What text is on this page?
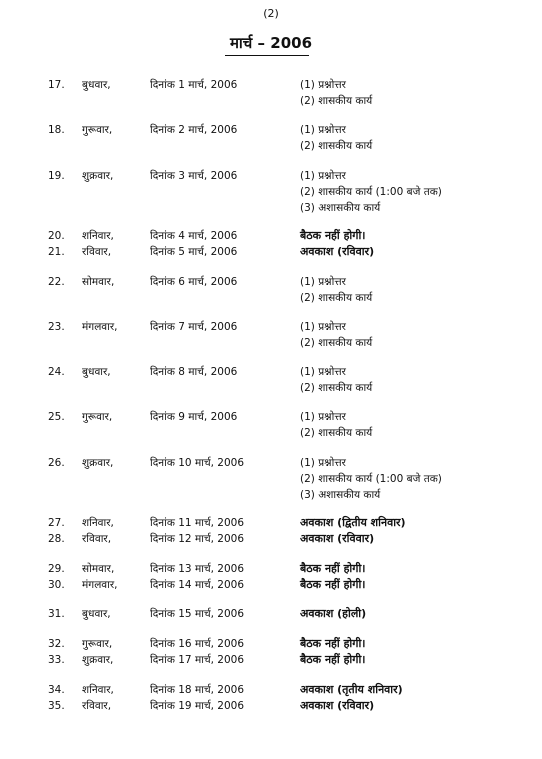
(2)
मार्च – 2006
17. बुधवार,	दिनांक 1 मार्च, 2006	(1) प्रश्नोत्तर
(2) शासकीय कार्य
18. गुरूवार,	दिनांक 2 मार्च, 2006	(1) प्रश्नोत्तर
(2) शासकीय कार्य
19. शुक्रवार,	दिनांक 3 मार्च, 2006	(1) प्रश्नोत्तर
(2) शासकीय कार्य (1:00 बजे तक)
(3) अशासकीय कार्य
20. शनिवार,	दिनांक 4 मार्च, 2006	बैठक नहीं होगी।
21. रविवार,	दिनांक 5 मार्च, 2006	अवकाश (रविवार)
22. सोमवार,	दिनांक 6 मार्च, 2006	(1) प्रश्नोत्तर
(2) शासकीय कार्य
23. मंगलवार,	दिनांक 7 मार्च, 2006	(1) प्रश्नोत्तर
(2) शासकीय कार्य
24. बुधवार,	दिनांक 8 मार्च, 2006	(1) प्रश्नोत्तर
(2) शासकीय कार्य
25. गुरूवार,	दिनांक 9 मार्च, 2006	(1) प्रश्नोत्तर
(2) शासकीय कार्य
26. शुक्रवार,	दिनांक 10 मार्च, 2006	(1) प्रश्नोत्तर
(2) शासकीय कार्य (1:00 बजे तक)
(3) अशासकीय कार्य
27. शनिवार,	दिनांक 11 मार्च, 2006	अवकाश (द्वितीय शनिवार)
28. रविवार,	दिनांक 12 मार्च, 2006	अवकाश (रविवार)
29. सोमवार,	दिनांक 13 मार्च, 2006	बैठक नहीं होगी।
30. मंगलवार,	दिनांक 14 मार्च, 2006	बैठक नहीं होगी।
31. बुधवार,	दिनांक 15 मार्च, 2006	अवकाश (होली)
32. गुरूवार,	दिनांक 16 मार्च, 2006	बैठक नहीं होगी।
33. शुक्रवार,	दिनांक 17 मार्च, 2006	बैठक नहीं होगी।
34. शनिवार,	दिनांक 18 मार्च, 2006	अवकाश (तृतीय शनिवार)
35. रविवार,	दिनांक 19 मार्च, 2006	अवकाश (रविवार)
